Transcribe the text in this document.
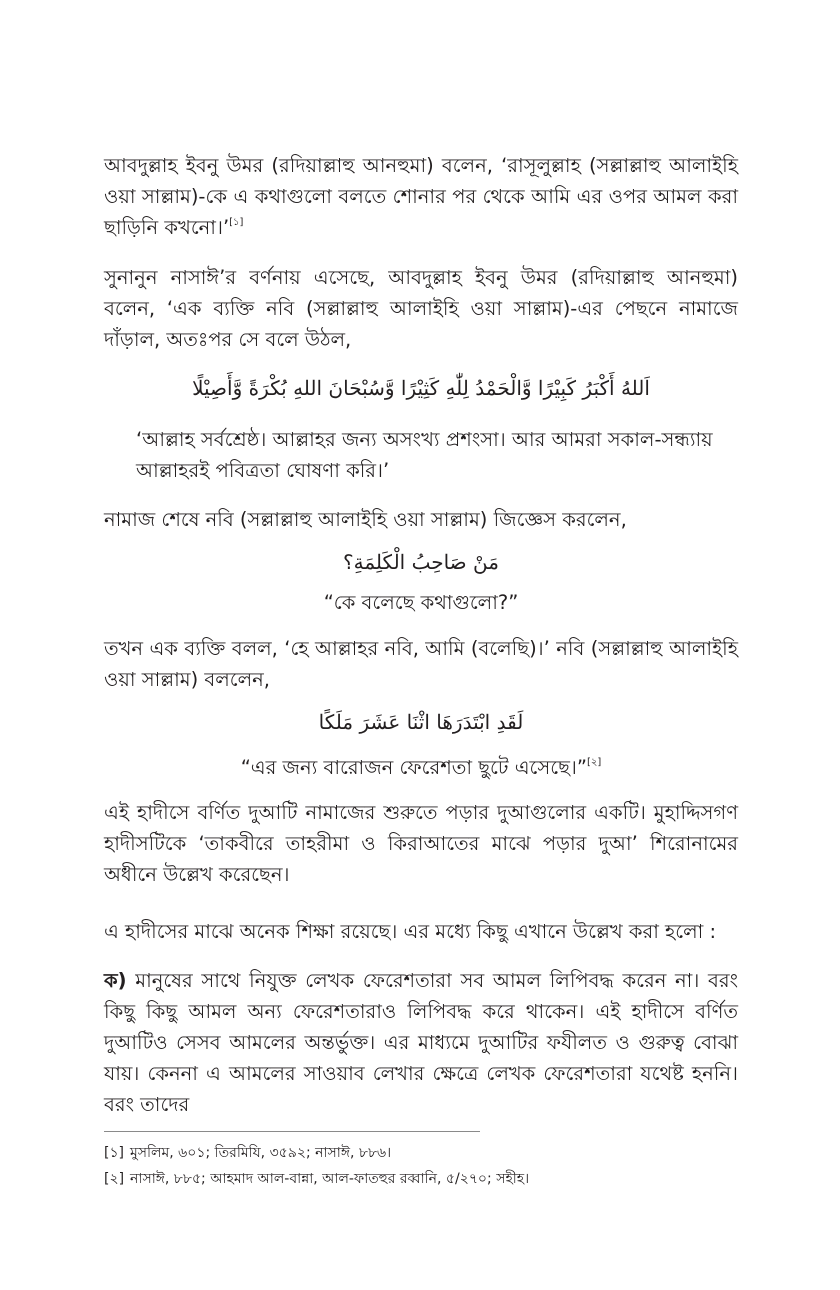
আবদুল্লাহ ইবনু উমর (রদিয়াল্লাহু আনহুমা) বলেন, ‘রাসূলুল্লাহ (সল্লাল্লাহু আলাইহি ওয়া সাল্লাম)-কে এ কথাগুলো বলতে শোনার পর থেকে আমি এর ওপর আমল করা ছাড়িনি কখনো।’[১]

সুনানুন নাসাঈ’র বর্ণনায় এসেছে, আবদুল্লাহ ইবনু উমর (রদিয়াল্লাহু আনহুমা) বলেন, ‘এক ব্যক্তি নবি (সল্লাল্লাহু আলাইহি ওয়া সাল্লাম)-এর পেছনে নামাজে দাঁড়াল, অতঃপর সে বলে উঠল,

اَللهُ أَكْبَرُ كَبِيْرًا وَّالْحَمْدُ لِلّٰهِ كَثِيْرًا وَّسُبْحَانَ اللهِ بُكْرَةً وَّأَصِيْلًا

‘আল্লাহ সর্বশ্রেষ্ঠ। আল্লাহর জন্য অসংখ্য প্রশংসা। আর আমরা সকাল-সন্ধ্যায় আল্লাহরই পবিত্রতা ঘোষণা করি।’

নামাজ শেষে নবি (সল্লাল্লাহু আলাইহি ওয়া সাল্লাম) জিজ্ঞেস করলেন,

مَنْ صَاحِبُ الْكَلِمَةِ؟

“কে বলেছে কথাগুলো?”

তখন এক ব্যক্তি বলল, ‘হে আল্লাহর নবি, আমি (বলেছি)।’ নবি (সল্লাল্লাহু আলাইহি ওয়া সাল্লাম) বললেন,

لَقَدِ ابْتَدَرَهَا اثْنَا عَشَرَ مَلَكًا

“এর জন্য বারোজন ফেরেশতা ছুটে এসেছে।”[২]

এই হাদীসে বর্ণিত দুআটি নামাজের শুরুতে পড়ার দুআগুলোর একটি। মুহাদ্দিসগণ হাদীসটিকে ‘তাকবীরে তাহরীমা ও কিরাআতের মাঝে পড়ার দুআ’ শিরোনামের অধীনে উল্লেখ করেছেন।

এ হাদীসের মাঝে অনেক শিক্ষা রয়েছে। এর মধ্যে কিছু এখানে উল্লেখ করা হলো :

ক) মানুষের সাথে নিযুক্ত লেখক ফেরেশতারা সব আমল লিপিবদ্ধ করেন না। বরং কিছু কিছু আমল অন্য ফেরেশতারাও লিপিবদ্ধ করে থাকেন। এই হাদীসে বর্ণিত দুআটিও সেসব আমলের অন্তর্ভুক্ত। এর মাধ্যমে দুআটির ফযীলত ও গুরুত্ব বোঝা যায়। কেননা এ আমলের সাওয়াব লেখার ক্ষেত্রে লেখক ফেরেশতারা যথেষ্ট হননি। বরং তাদের

[১] মুসলিম, ৬০১; তিরমিযি, ৩৫৯২; নাসাঈ, ৮৮৬।

[২] নাসাঈ, ৮৮৫; আহমাদ আল-বান্না, আল-ফাতহুর রব্বানি, ৫/২৭০; সহীহ।
